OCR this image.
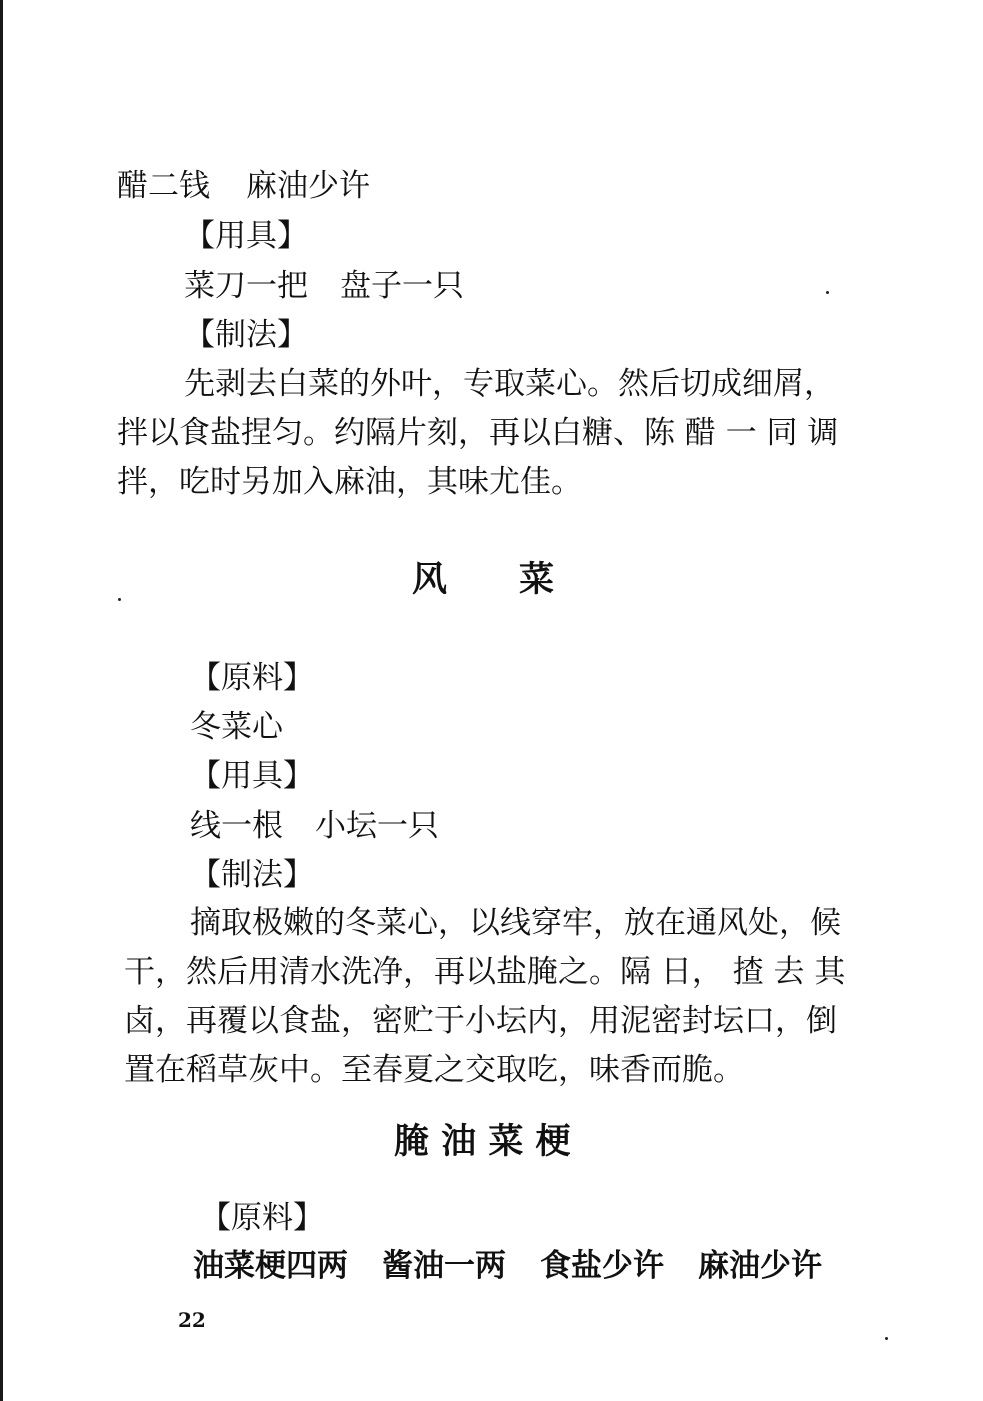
醋二钱 麻油少许
【用具】
菜刀一把 盘子一只
【制法】
先剥去白菜的外叶，专取菜心。然后切成细屑，
拌以食盐捏匀。约隔片刻，再以白糖、陈 醋 一 同 调
拌，吃时另加入麻油，其味尤佳。
风 菜
【原料】
冬菜心
【用具】
线一根 小坛一只
【制法】
摘取极嫩的冬菜心，以线穿牢，放在通风处，候
干，然后用清水洗净，再以盐腌之。隔 日， 揸 去 其
卤，再覆以食盐，密贮于小坛内，用泥密封坛口，倒
置在稻草灰中。至春夏之交取吃，味香而脆。
腌 油 菜 梗
【原料】
油菜梗四两 酱油一两 食盐少许 麻油少许
22
